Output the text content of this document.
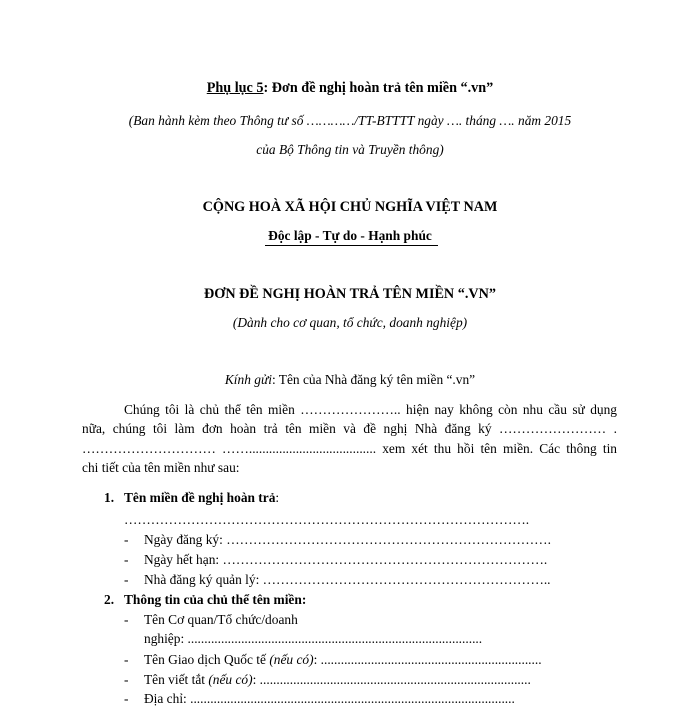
Phụ lục 5: Đơn đề nghị hoàn trả tên miền “.vn”
(Ban hành kèm theo Thông tư số …………/TT-BTTTT ngày …. tháng …. năm 2015
của Bộ Thông tin và Truyền thông)
CỘNG HOÀ XÃ HỘI CHỦ NGHĨA VIỆT NAM
Độc lập - Tự do - Hạnh phúc
ĐƠN ĐỀ NGHỊ HOÀN TRẢ TÊN MIỀN “.VN”
(Dành cho cơ quan, tổ chức, doanh nghiệp)
Kính gửi: Tên của Nhà đăng ký tên miền “.vn”
Chúng tôi là chủ thể tên miền ………………….. hiện nay không còn nhu cầu sử dụng
nữa, chúng tôi làm đơn hoàn trả tên miền và đề nghị Nhà đăng ký …………………… .
………………………… ……...................................... xem xét thu hồi tên miền. Các thông tin
chi tiết của tên miền như sau:
1. Tên miền đề nghị hoàn trả:
……………………………………………………………………………….
- Ngày đăng ký: ……………………………………………………………….
- Ngày hết hạn: ……………………………………………………………….
- Nhà đăng ký quản lý: ………………………………………………………..
2. Thông tin của chủ thể tên miền:
- Tên Cơ quan/Tổ chức/doanh
nghiệp: ........................................................................................
- Tên Giao dịch Quốc tế (nếu có): ..................................................................
- Tên viết tắt (nếu có): .................................................................................
- Địa chỉ: .................................................................................................
